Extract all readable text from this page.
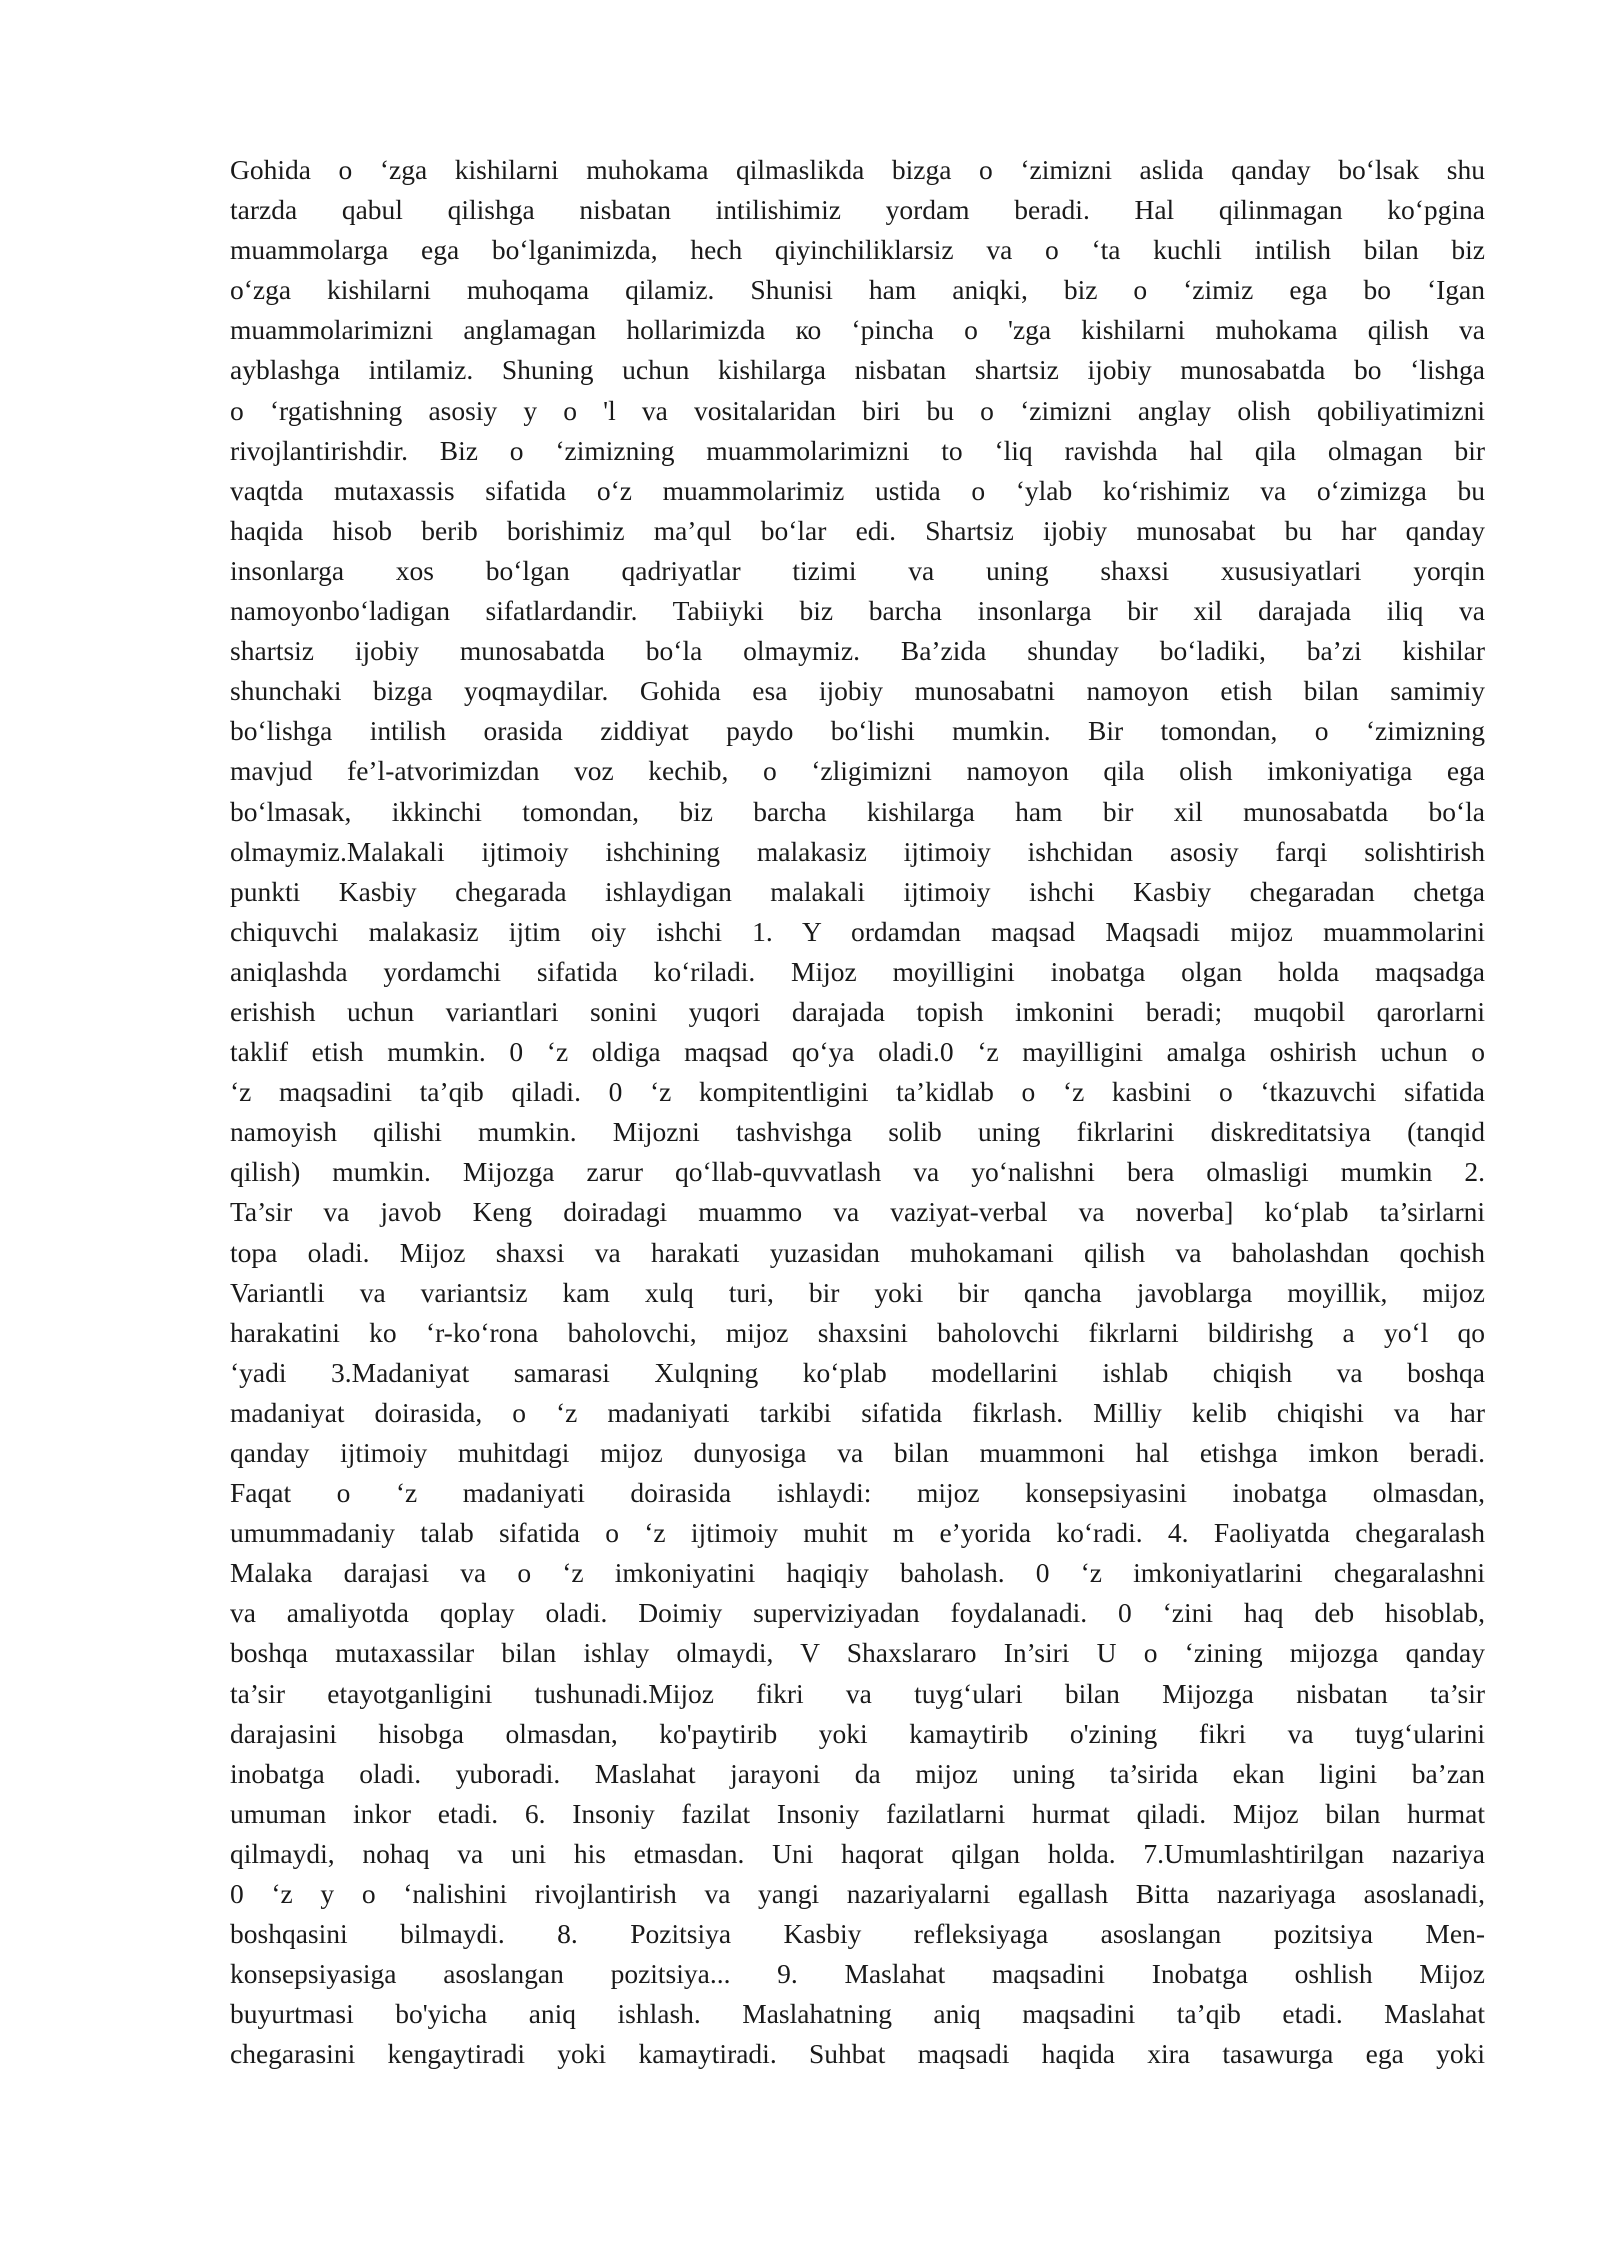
Gohida o ‘zga kishilarni muhokama qilmaslikda bizga o ‘zimizni aslida qanday bo‘lsak shu
tarzda qabul qilishga nisbatan intilishimiz yordam beradi. Hal qilinmagan ko‘pgina
muammolarga ega bo‘lganimizda, hech qiyinchiliklarsiz va o ‘ta kuchli intilish bilan biz
o‘zga kishilarni muhoqama qilamiz. Shunisi ham aniqki, biz o ‘zimiz ega bo ‘Igan
muammolarimizni anglamagan hollarimizda ко ‘pincha o 'zga kishilarni muhokama qilish va
ayblashga intilamiz. Shuning uchun kishilarga nisbatan shartsiz ijobiy munosabatda bo ‘lishga
o ‘rgatishning asosiy y o 'l va vositalaridan biri bu o ‘zimizni anglay olish qobiliyatimizni
rivojlantirishdir. Biz o ‘zimizning muammolarimizni to ‘liq ravishda hal qila olmagan bir
vaqtda mutaxassis sifatida o‘z muammolarimiz ustida o ‘ylab ko‘rishimiz va o‘zimizga bu
haqida hisob berib borishimiz ma’qul bo‘lar edi. Shartsiz ijobiy munosabat bu har qanday
insonlarga xos bo‘lgan qadriyatlar tizimi va uning shaxsi xususiyatlari yorqin
namoyonbo‘ladigan sifatlardandir. Tabiiyki biz barcha insonlarga bir xil darajada iliq va
shartsiz ijobiy munosabatda bo‘la olmaymiz. Ba’zida shunday bo‘ladiki, ba’zi kishilar
shunchaki bizga yoqmaydilar. Gohida esa ijobiy munosabatni namoyon etish bilan samimiy
bo‘lishga intilish orasida ziddiyat paydo bo‘lishi mumkin. Bir tomondan, o ‘zimizning
mavjud fe’l-atvorimizdan voz kechib, o ‘zligimizni namoyon qila olish imkoniyatiga ega
bo‘lmasak, ikkinchi tomondan, biz barcha kishilarga ham bir xil munosabatda bo‘la
olmaymiz.Malakali ijtimoiy ishchining malakasiz ijtimoiy ishchidan asosiy farqi solishtirish
punkti Kasbiy chegarada ishlaydigan malakali ijtimoiy ishchi Kasbiy chegaradan chetga
chiquvchi malakasiz ijtim oiy ishchi 1. Y ordamdan maqsad Maqsadi mijoz muammolarini
aniqlashda yordamchi sifatida ko‘riladi. Mijoz moyilligini inobatga olgan holda maqsadga
erishish uchun variantlari sonini yuqori darajada topish imkonini beradi; muqobil qarorlarni
taklif etish mumkin. 0 ‘z oldiga maqsad qo‘ya oladi.0 ‘z mayilligini amalga oshirish uchun o
‘z maqsadini ta’qib qiladi. 0 ‘z kompitentligini ta’kidlab o ‘z kasbini o ‘tkazuvchi sifatida
namoyish qilishi mumkin. Mijozni tashvishga solib uning fikrlarini diskreditatsiya (tanqid
qilish) mumkin. Mijozga zarur qo‘llab-quvvatlash va yo‘nalishni bera olmasligi mumkin 2.
Ta’sir va javob Keng doiradagi muammo va vaziyat-verbal va noverba] ko‘plab ta’sirlarni
topa oladi. Mijoz shaxsi va harakati yuzasidan muhokamani qilish va baholashdan qochish
Variantli va variantsiz kam xulq turi, bir yoki bir qancha javoblarga moyillik, mijoz
harakatini ko ‘r-ko‘rona baholovchi, mijoz shaxsini baholovchi fikrlarni bildirishg a yo‘l qo
‘yadi 3.Madaniyat samarasi Xulqning ko‘plab modellarini ishlab chiqish va boshqa
madaniyat doirasida, o ‘z madaniyati tarkibi sifatida fikrlash. Milliy kelib chiqishi va har
qanday ijtimoiy muhitdagi mijoz dunyosiga va bilan muammoni hal etishga imkon beradi.
Faqat o ‘z madaniyati doirasida ishlaydi: mijoz konsepsiyasini inobatga olmasdan,
umummadaniy talab sifatida o ‘z ijtimoiy muhit m e’yorida ko‘radi. 4. Faoliyatda chegaralash
Malaka darajasi va o ‘z imkoniyatini haqiqiy baholash. 0 ‘z imkoniyatlarini chegaralashni
va amaliyotda qoplay oladi. Doimiy superviziyadan foydalanadi. 0 ‘zini haq deb hisoblab,
boshqa mutaxassilar bilan ishlay olmaydi, V Shaxslararo In’siri U o ‘zining mijozga qanday
ta’sir etayotganligini tushunadi.Mijoz fikri va tuyg‘ulari bilan Mijozga nisbatan ta’sir
darajasini hisobga olmasdan, ko'paytirib yoki kamaytirib o'zining fikri va tuyg‘ularini
inobatga oladi. yuboradi. Maslahat jarayoni da mijoz uning ta’sirida ekan ligini ba’zan
umuman inkor etadi. 6. Insoniy fazilat Insoniy fazilatlarni hurmat qiladi. Mijoz bilan hurmat
qilmaydi, nohaq va uni his etmasdan. Uni haqorat qilgan holda. 7.Umumlashtirilgan nazariya
0 ‘z y o ‘nalishini rivojlantirish va yangi nazariyalarni egallash Bitta nazariyaga asoslanadi,
boshqasini bilmaydi. 8. Pozitsiya Kasbiy refleksiyaga asoslangan pozitsiya Men-
konsepsiyasiga asoslangan pozitsiya... 9. Maslahat maqsadini Inobatga oshlish Mijoz
buyurtmasi bo'yicha aniq ishlash. Maslahatning aniq maqsadini ta’qib etadi. Maslahat
chegarasini kengaytiradi yoki kamaytiradi. Suhbat maqsadi haqida xira tasawurga ega yoki
